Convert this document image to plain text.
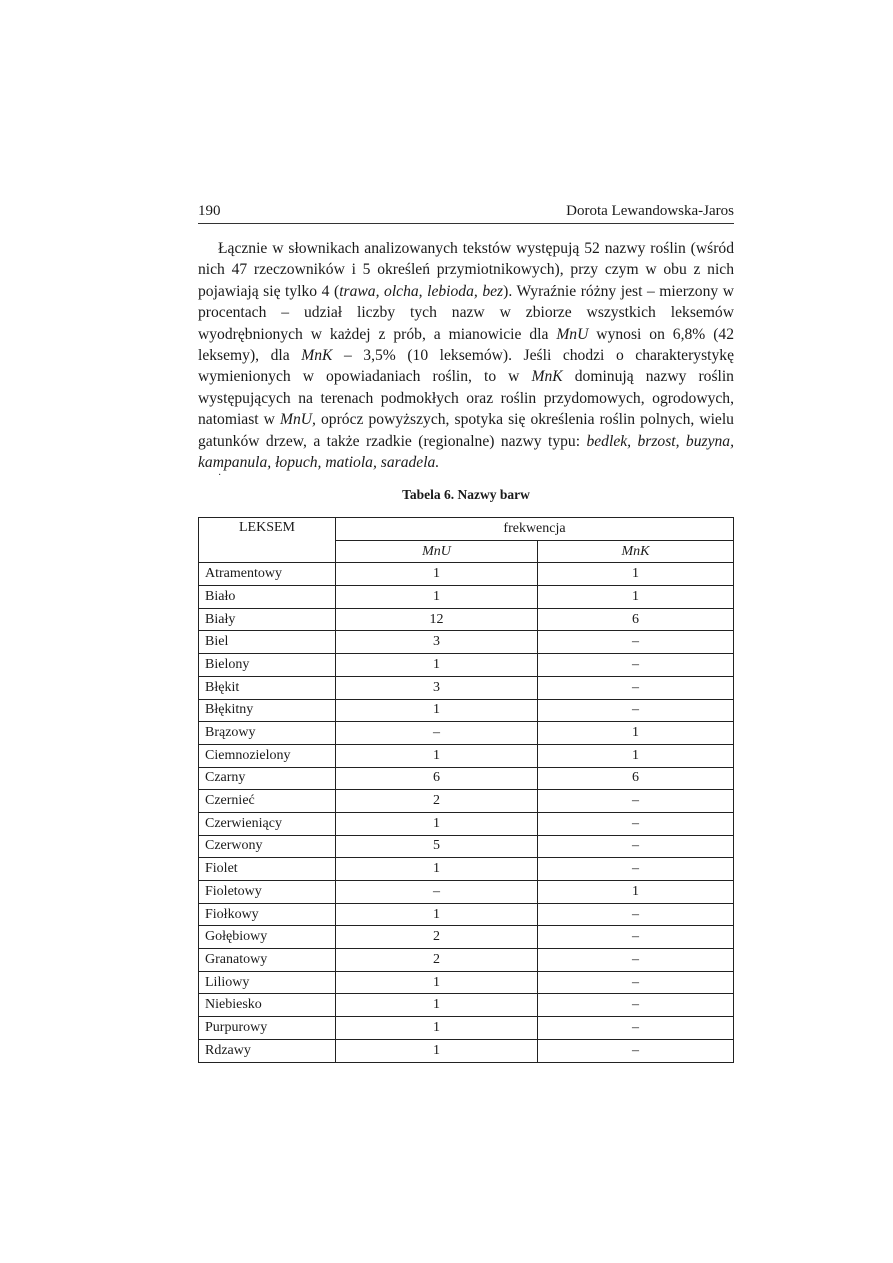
190	Dorota Lewandowska-Jaros

Łącznie w słownikach analizowanych tekstów występują 52 nazwy roślin (wśród nich 47 rzeczowników i 5 określeń przymiotnikowych), przy czym w obu z nich pojawiają się tylko 4 (trawa, olcha, lebioda, bez). Wyraźnie różny jest – mierzony w procentach – udział liczby tych nazw w zbiorze wszystkich leksemów wyodrębnionych w każdej z prób, a mianowicie dla MnU wynosi on 6,8% (42 leksemy), dla MnK – 3,5% (10 leksemów). Jeśli chodzi o charakterystykę wymienionych w opowiadaniach roślin, to w MnK dominują nazwy roślin występujących na terenach podmokłych oraz roślin przydomowych, ogrodowych, natomiast w MnU, oprócz powyższych, spotyka się określenia roślin polnych, wielu gatunków drzew, a także rzadkie (regionalne) nazwy typu: bedlek, brzost, buzyna, kampanula, łopuch, matiola, saradela.

·
Tabela 6. Nazwy barw
LEKSEM	frekwencja	
	MnU	MnK
Atramentowy	1	1
Biało	1	1
Biały	12	6
Biel	3	–
Bielony	1	–
Błękit	3	–
Błękitny	1	–
Brązowy	–	1
Ciemnozielony	1	1
Czarny	6	6
Czernieć	2	–
Czerwieniący	1	–
Czerwony	5	–
Fiolet	1	–
Fioletowy	–	1
Fiołkowy	1	–
Gołębiowy	2	–
Granatowy	2	–
Liliowy	1	–
Niebiesko	1	–
Purpurowy	1	–
Rdzawy	1	–
